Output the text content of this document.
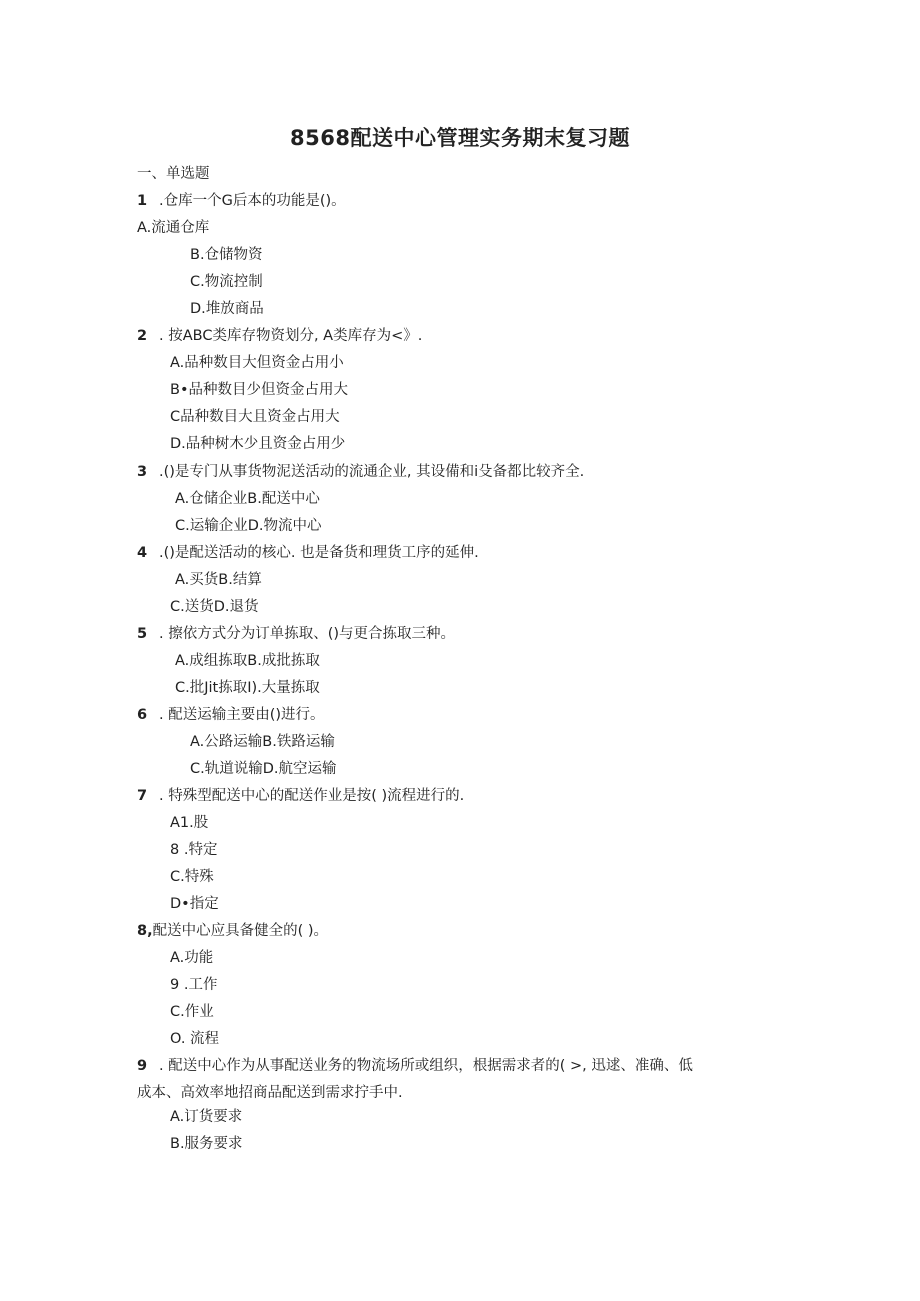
8568配送中心管理实务期末复习题
一、单选题
1 .仓库一个G后本的功能是()。
A.流通仓库
B.仓储物资
C.物流控制
D.堆放商品
2 . 按ABC类库存物资划分, A类库存为<》.
A.品种数目大但资金占用小
B•品种数目少但资金占用大
C品种数目大且资金占用大
D.品种树木少且资金占用少
3 .()是专门从事货物泥送活动的流通企业, 其设備和i殳备都比较齐全.
A.仓储企业B.配送中心
C.运输企业D.物流中心
4 .()是配送活动的核心. 也是备货和理货工序的延伸.
A.买货B.结算
C.送货D.退货
5 . 擦依方式分为订单拣取、()与更合拣取三种。
A.成组拣取B.成批拣取
C.批Jit拣取I).大量拣取
6 . 配送运输主要由()进行。
A.公路运输B.铁路运输
C.轨道说输D.航空运输
7 . 特殊型配送中心的配送作业是按( )流程进行的.
A1.股
8 .特定
C.特殊
D•指定
8,配送中心应具备健全的( )。
A.功能
9 .工作
C.作业
O. 流程
9 . 配送中心作为从事配送业务的物流场所或组织，根据需求者的( >, 迅逑、准确、低
成本、高效率地招商品配送到需求拧手中.
A.订货要求
B.服务要求
